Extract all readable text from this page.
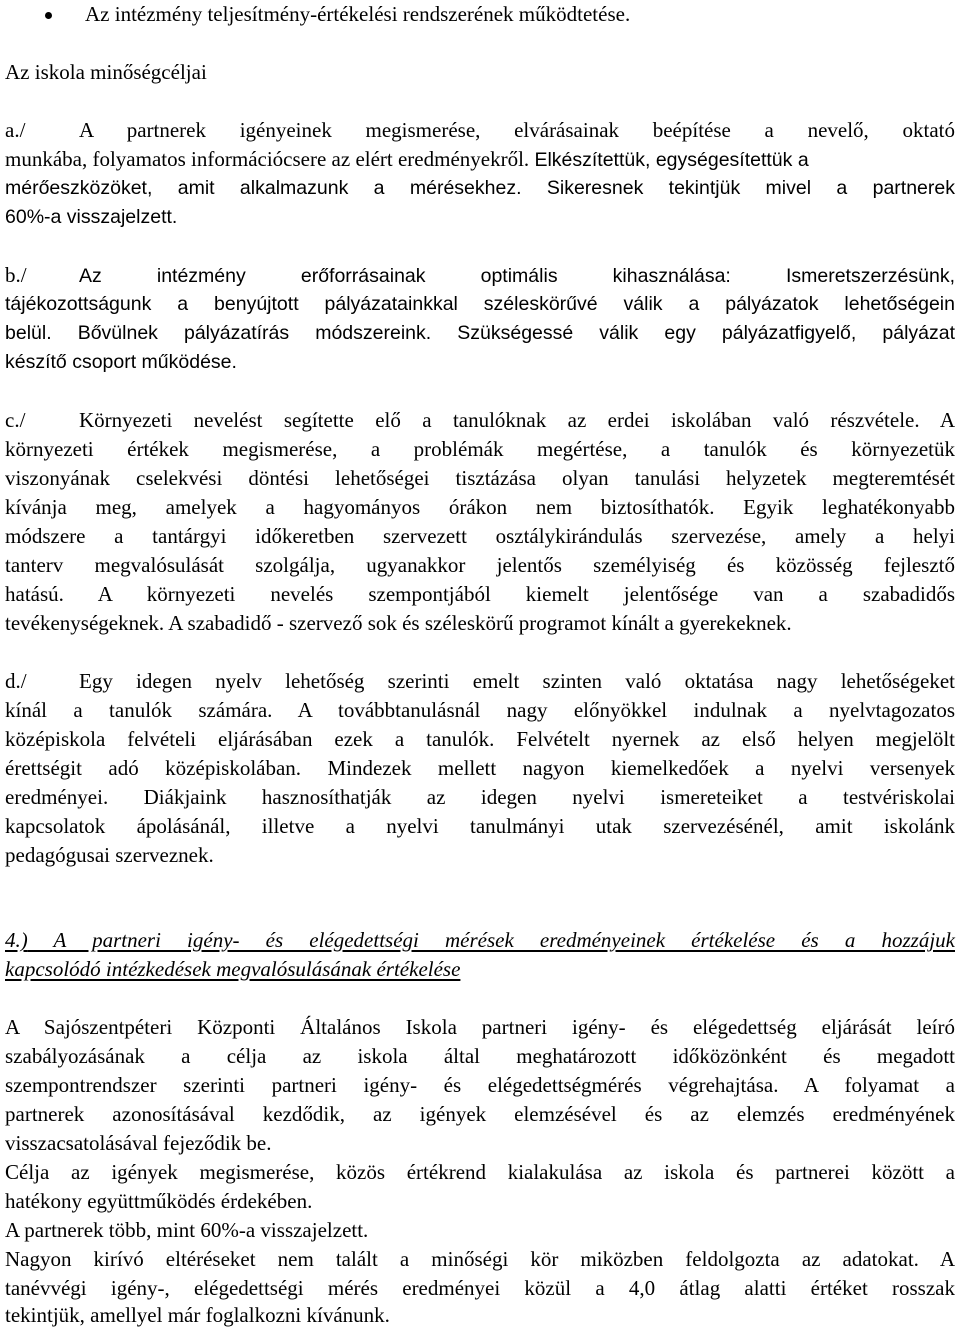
Az intézmény teljesítmény-értékelési rendszerének működtetése.
Az iskola minőségcéljai
a./	A partnerek igényeinek megismerése, elvárásainak beépítése a nevelő, oktató
munkába, folyamatos információcsere az elért eredményekről. Elkészítettük, egységesítettük a
mérőeszközöket, amit alkalmazunk a mérésekhez. Sikeresnek tekintjük mivel a partnerek
60%-a visszajelzett.
b./	Az intézmény erőforrásainak optimális kihasználása: Ismeretszerzésünk,
tájékozottságunk a benyújtott pályázatainkkal széleskörűvé válik a pályázatok lehetőségein
belül. Bővülnek pályázatírás módszereink. Szükségessé válik egy pályázatfigyelő, pályázat
készítő csoport működése.
c./	Környezeti nevelést segítette elő a tanulóknak az erdei iskolában való részvétele. A
környezeti értékek megismerése, a problémák megértése, a tanulók és környezetük
viszonyának cselekvési döntési lehetőségei tisztázása olyan tanulási helyzetek megteremtését
kívánja meg, amelyek a hagyományos órákon nem biztosíthatók. Egyik leghatékonyabb
módszere a tantárgyi időkeretben szervezett osztálykirándulás szervezése, amely a helyi
tanterv megvalósulását szolgálja, ugyanakkor jelentős személyiség és közösség fejlesztő
hatású. A környezeti nevelés szempontjából kiemelt jelentősége van a szabadidős
tevékenységeknek. A szabadidő - szervező sok és széleskörű programot kínált a gyerekeknek.
d./ Egy idegen nyelv lehetőség szerinti emelt szinten való oktatása nagy lehetőségeket
kínál a tanulók számára. A továbbtanulásnál nagy előnyökkel indulnak a nyelvtagozatos
középiskola felvételi eljárásában ezek a tanulók. Felvételt nyernek az első helyen megjelölt
érettségit adó középiskolában. Mindezek mellett nagyon kiemelkedőek a nyelvi versenyek
eredményei. Diákjaink hasznosíthatják az idegen nyelvi ismereteiket a testvériskolai
kapcsolatok ápolásánál, illetve a nyelvi tanulmányi utak szervezésénél, amit iskolánk
pedagógusai szerveznek.
4.) A partneri igény- és elégedettségi mérések eredményeinek értékelése és a hozzájuk
kapcsolódó intézkedések megvalósulásának értékelése
A Sajószentpéteri Központi Általános Iskola partneri igény- és elégedettség eljárását leíró
szabályozásának a célja az iskola által meghatározott időközönként és megadott
szempontrendszer szerinti partneri igény- és elégedettségmérés végrehajtása. A folyamat a
partnerek azonosításával kezdődik, az igények elemzésével és az elemzés eredményének
visszacsatolásával fejeződik be.
Célja az igények megismerése, közös értékrend kialakulása az iskola és partnerei között a
hatékony együttműködés érdekében.
A partnerek több, mint 60%-a visszajelzett.
Nagyon kirívó eltéréseket nem talált a minőségi kör miközben feldolgozta az adatokat. A
tanévvégi igény-, elégedettségi mérés eredményei közül a 4,0 átlag alatti értéket rosszak
tekintjük, amellyel már foglalkozni kívánunk.
